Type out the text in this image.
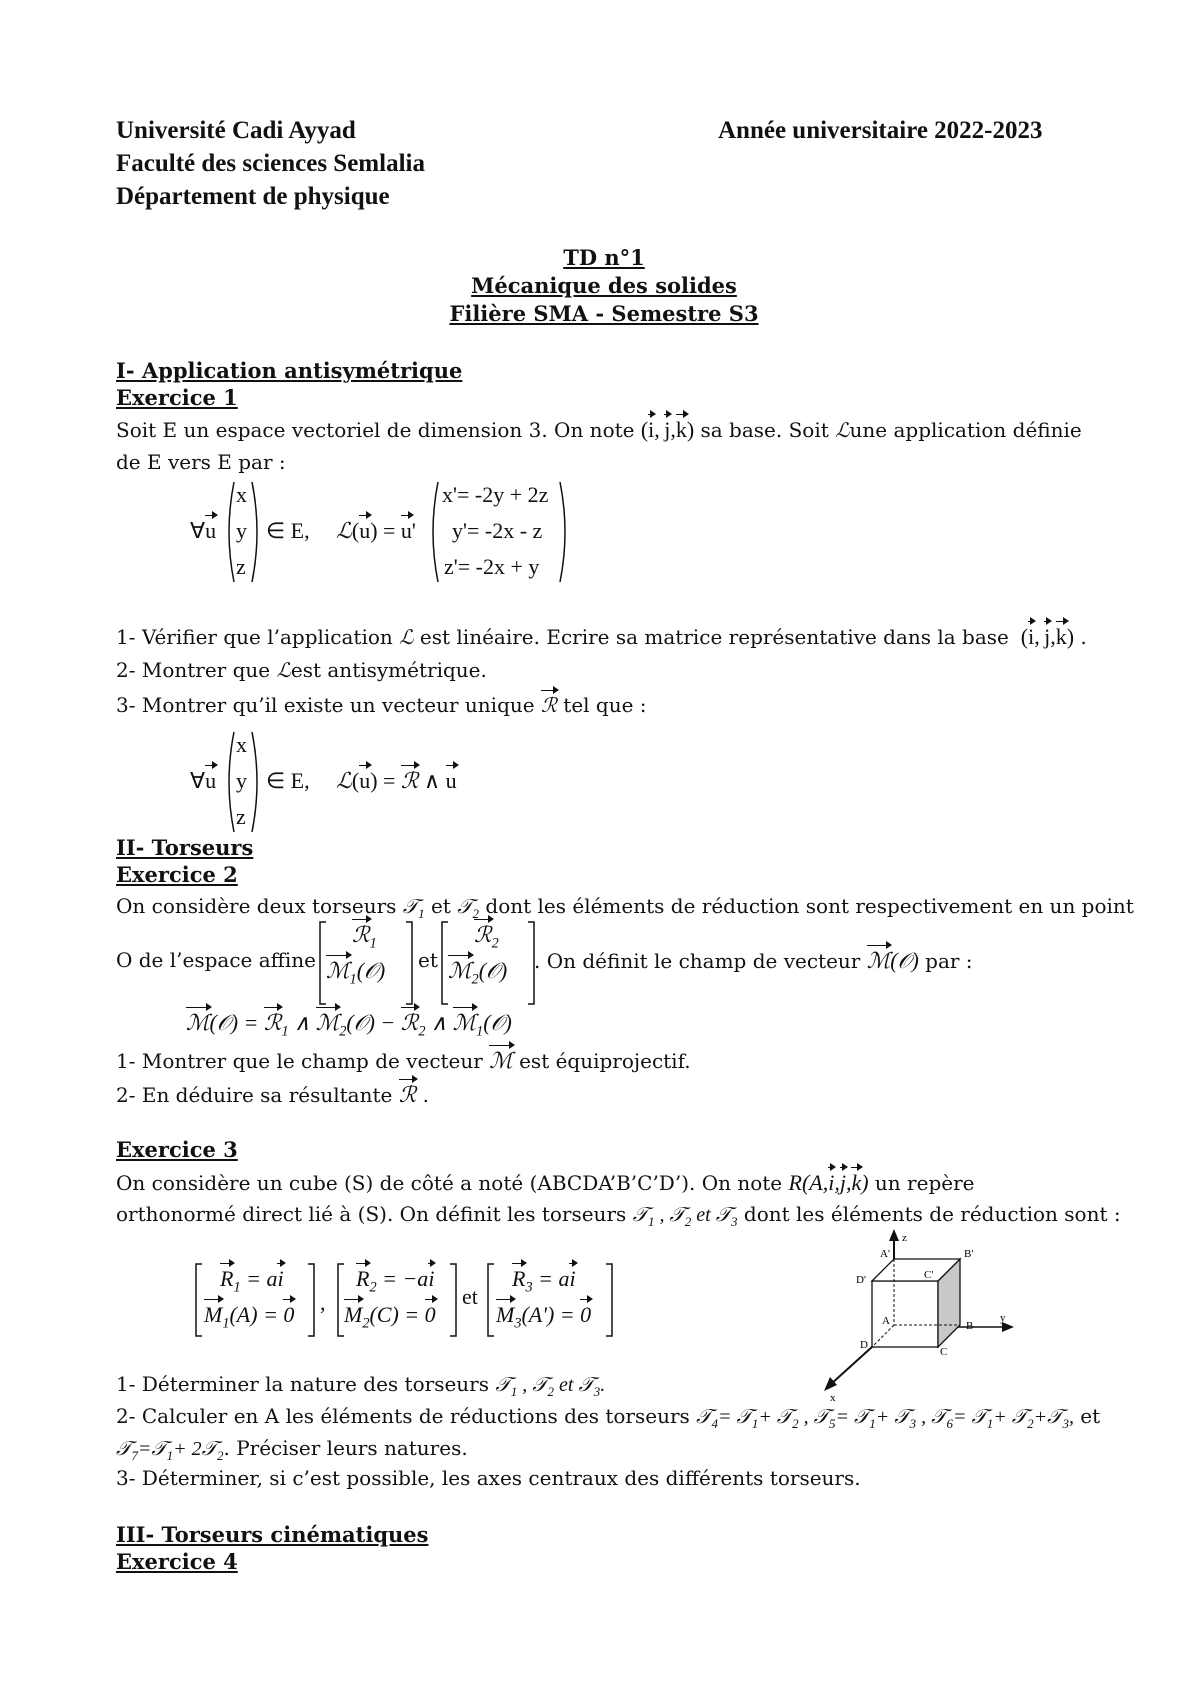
Université Cadi Ayyad
Faculté des sciences Semlalia
Département de physique
Année universitaire 2022-2023
TD n°1
Mécanique des solides
Filière SMA - Semestre S3
I- Application antisymétrique
Exercice 1
Soit E un espace vectoriel de dimension 3. On note (i, j,k) sa base. Soit ℒune application définie
de E vers E par :
∀u
x
y
z
∈ E, ℒ(u) = u'
x'= -2y + 2z
y'= -2x - z
z'= -2x + y
1- Vérifier que l’application ℒ est linéaire. Ecrire sa matrice représentative dans la base  (i, j,k) .
2- Montrer que ℒest antisymétrique.
3- Montrer qu’il existe un vecteur unique ℛ tel que :
∀u
x
y
z
∈ E, ℒ(u) = ℛ ∧ u
II- Torseurs
Exercice 2
On considère deux torseurs 𝒯$_1$ et 𝒯$_2$ dont les éléments de réduction sont respectivement en un point
O de l’espace affine
ℛ$_1$
ℳ$_1$(𝒪) et
ℛ$_2$
ℳ$_2$(𝒪) . On définit le champ de vecteur ℳ(𝒪) par :
ℳ(𝒪) = ℛ$_1$ ∧ ℳ$_2$(𝒪) − ℛ$_2$ ∧ ℳ$_1$(𝒪)
1- Montrer que le champ de vecteur ℳ est équiprojectif.
2- En déduire sa résultante ℛ .
Exercice 3
On considère un cube (S) de côté a noté (ABCDA’B’C’D’). On note R(A,i,j,k) un repère
orthonormé direct lié à (S). On définit les torseurs 𝒯$_1$ , 𝒯$_2$ et 𝒯$_3$ dont les éléments de réduction sont :
$R_1$ = ai
$M_1(A) = 0$ ,
$R_2 = -ai$
$M_2(C) = 0$
et
$R_3$ = ai
$M_3(A') = 0$
z
A'	B'
D'	C'
A	B
D
C
y
x
1- Déterminer la nature des torseurs 𝒯$_1$ , 𝒯$_2$ et 𝒯$_3$.
2- Calculer en A les éléments de réductions des torseurs 𝒯$_4$= 𝒯$_1$+ 𝒯$_2$ , 𝒯$_5$= 𝒯$_1$+ 𝒯$_3$ , 𝒯$_6$= 𝒯$_1$+ 𝒯$_2$+𝒯$_3$, et
𝒯$_7$=𝒯$_1$+ 2𝒯$_2$. Préciser leurs natures.
3- Déterminer, si c’est possible, les axes centraux des différents torseurs.
III- Torseurs cinématiques
Exercice 4
